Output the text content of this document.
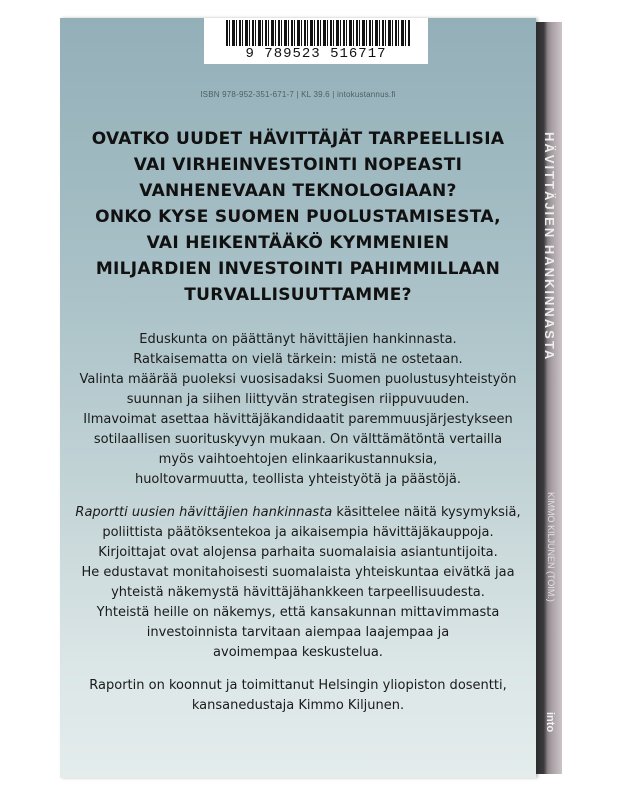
9 789523 516717
ISBN 978-952-351-671-7 | KL 39.6 | intokustannus.fi
OVATKO UUDET HÄVITTÄJÄT TARPEELLISIA
VAI VIRHEINVESTOINTI NOPEASTI
VANHENEVAAN TEKNOLOGIAAN?
ONKO KYSE SUOMEN PUOLUSTAMISESTA,
VAI HEIKENTÄÄKÖ KYMMENIEN
MILJARDIEN INVESTOINTI PAHIMMILLAAN
TURVALLISUUTTAMME?

Eduskunta on päättänyt hävittäjien hankinnasta.
Ratkaisematta on vielä tärkein: mistä ne ostetaan.
Valinta määrää puoleksi vuosisadaksi Suomen puolustusyhteistyön
suunnan ja siihen liittyvän strategisen riippuvuuden.
Ilmavoimat asettaa hävittäjäkandidaatit paremmuusjärjestykseen
sotilaallisen suorituskyvyn mukaan. On välttämätöntä vertailla
myös vaihtoehtojen elinkaarikustannuksia,
huoltovarmuutta, teollista yhteistyötä ja päästöjä.

Raportti uusien hävittäjien hankinnasta käsittelee näitä kysymyksiä,
poliittista päätöksentekoa ja aikaisempia hävittäjäkauppoja.
Kirjoittajat ovat alojensa parhaita suomalaisia asiantuntijoita.
He edustavat monitahoisesti suomalaista yhteiskuntaa eivätkä jaa
yhteistä näkemystä hävittäjähankkeen tarpeellisuudesta.
Yhteistä heille on näkemys, että kansakunnan mittavimmasta
investoinnista tarvitaan aiempaa laajempaa ja
avoimempaa keskustelua.

Raportin on koonnut ja toimittanut Helsingin yliopiston dosentti,
kansanedustaja Kimmo Kiljunen.

HÄVITTÄJIEN HANKINNASTA
KIMMO KILJUNEN (TOIM.)
into
